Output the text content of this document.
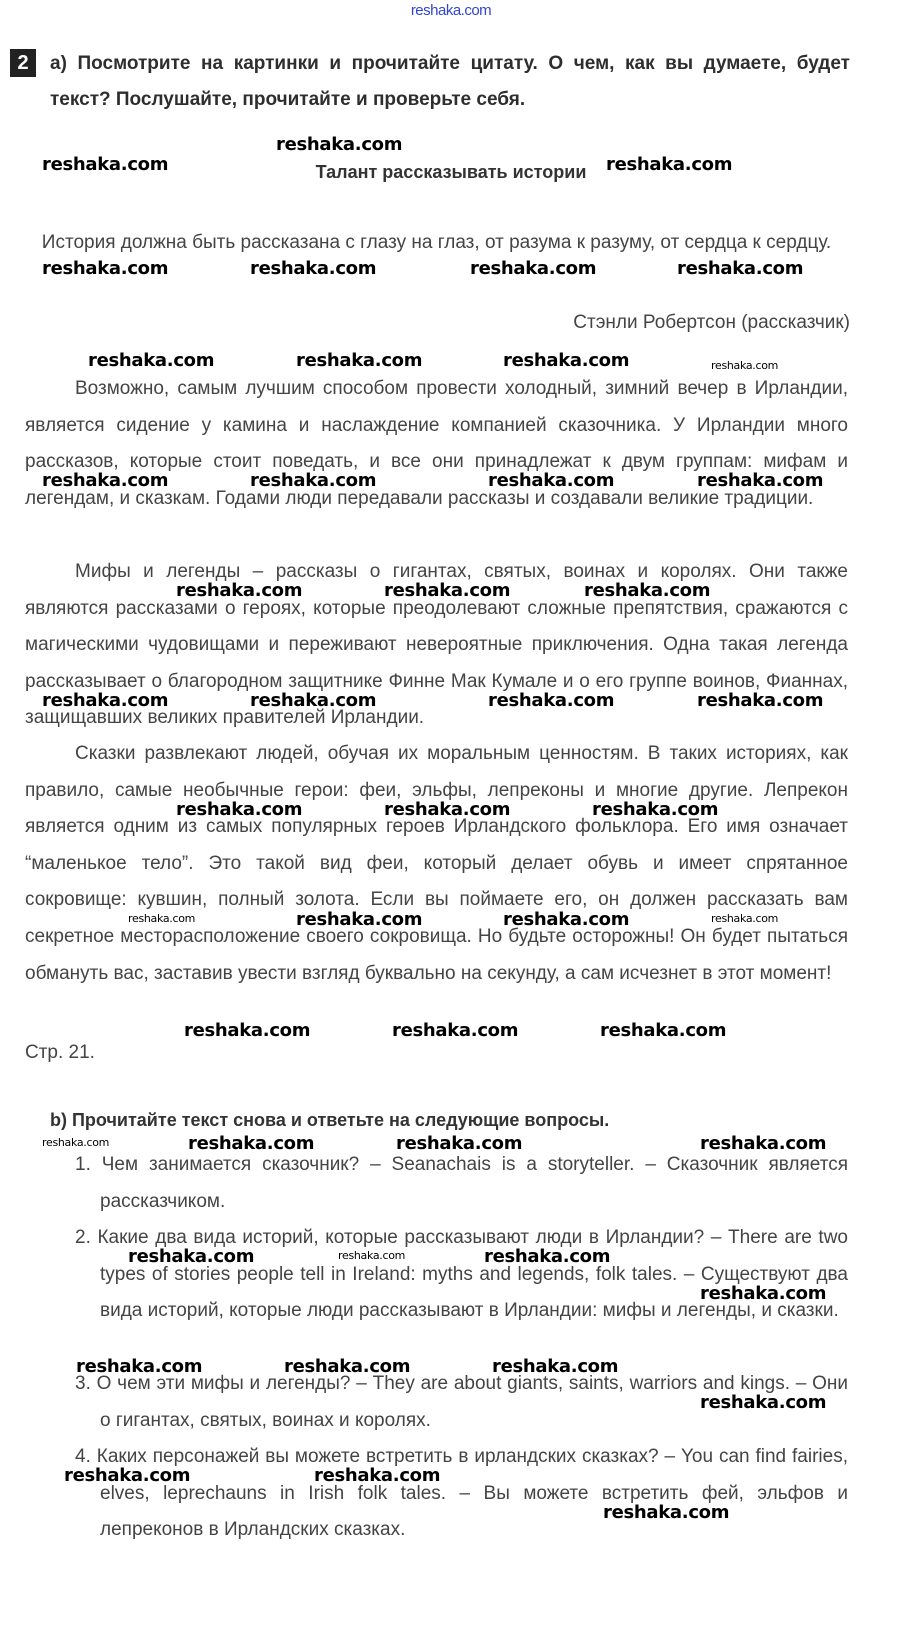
reshaka.com
2	a) Посмотрите на картинки и прочитайте цитату. О чем, как вы думаете, будет текст? Послушайте, прочитайте и проверьте себя.
Талант рассказывать истории
История должна быть рассказана с глазу на глаз, от разума к разуму, от сердца к сердцу.
Стэнли Робертсон (рассказчик)

Возможно, самым лучшим способом провести холодный, зимний вечер в Ирландии, является сидение у камина и наслаждение компанией сказочника. У Ирландии много рассказов, которые стоит поведать, и все они принадлежат к двум группам: мифам и легендам, и сказкам. Годами люди передавали рассказы и создавали великие традиции.

Мифы и легенды – рассказы о гигантах, святых, воинах и королях. Они также являются рассказами о героях, которые преодолевают сложные препятствия, сражаются с магическими чудовищами и переживают невероятные приключения. Одна такая легенда рассказывает о благородном защитнике Финне Мак Кумале и о его группе воинов, Фианнах, защищавших великих правителей Ирландии.

Сказки развлекают людей, обучая их моральным ценностям. В таких историях, как правило, самые необычные герои: феи, эльфы, лепреконы и многие другие. Лепрекон является одним из самых популярных героев Ирландского фольклора. Его имя означает “маленькое тело”. Это такой вид феи, который делает обувь и имеет спрятанное сокровище: кувшин, полный золота. Если вы поймаете его, он должен рассказать вам секретное месторасположение своего сокровища. Но будьте осторожны! Он будет пытаться обмануть вас, заставив увести взгляд буквально на секунду, а сам исчезнет в этот момент!

Стр. 21.
b) Прочитайте текст снова и ответьте на следующие вопросы.

1. Чем занимается сказочник? – Seanachais is a storyteller. – Сказочник является рассказчиком.

2. Какие два вида историй, которые рассказывают люди в Ирландии? – There are two types of stories people tell in Ireland: myths and legends, folk tales. – Существуют два вида историй, которые люди рассказывают в Ирландии: мифы и легенды, и сказки.

3. О чем эти мифы и легенды? – They are about giants, saints, warriors and kings. – Они о гигантах, святых, воинах и королях.

4. Каких персонажей вы можете встретить в ирландских сказках? – You can find fairies, elves, leprechauns in Irish folk tales. – Вы можете встретить фей, эльфов и лепреконов в Ирландских сказках.

reshaka.com
reshaka.com
reshaka.com
reshaka.com	reshaka.com	reshaka.com	reshaka.com
reshaka.com	reshaka.com	reshaka.com	reshaka.com
reshaka.com	reshaka.com	reshaka.com	reshaka.com
reshaka.com	reshaka.com	reshaka.com
reshaka.com	reshaka.com	reshaka.com	reshaka.com
reshaka.com	reshaka.com	reshaka.com
reshaka.com	reshaka.com	reshaka.com	reshaka.com
reshaka.com	reshaka.com	reshaka.com
reshaka.com	reshaka.com	reshaka.com	reshaka.com
reshaka.com	reshaka.com	reshaka.com
reshaka.com
reshaka.com	reshaka.com	reshaka.com
reshaka.com
reshaka.com	reshaka.com
reshaka.com
